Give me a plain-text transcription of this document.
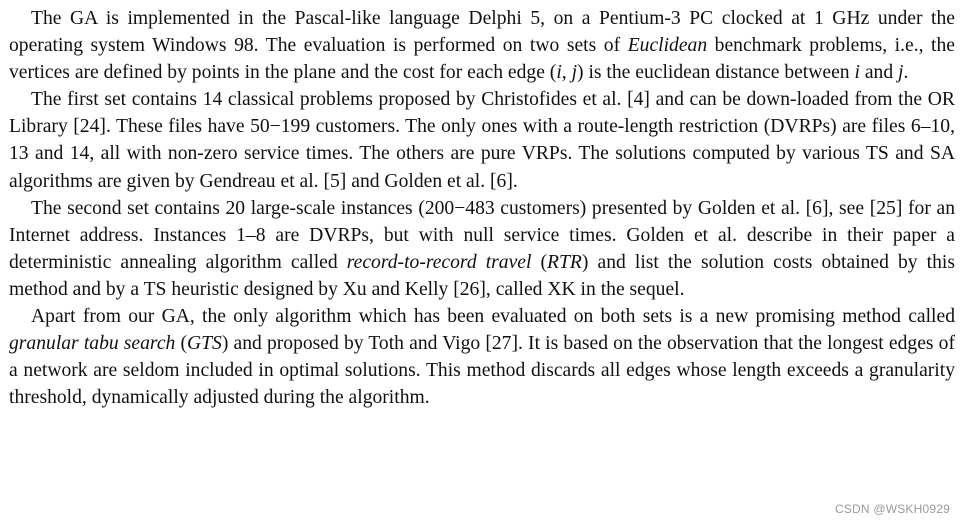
The GA is implemented in the Pascal-like language Delphi 5, on a Pentium-3 PC clocked at 1 GHz under the operating system Windows 98. The evaluation is performed on two sets of Euclidean benchmark problems, i.e., the vertices are defined by points in the plane and the cost for each edge (i, j) is the euclidean distance between i and j.

The first set contains 14 classical problems proposed by Christofides et al. [4] and can be down-loaded from the OR Library [24]. These files have 50−199 customers. The only ones with a route-length restriction (DVRPs) are files 6–10, 13 and 14, all with non-zero service times. The others are pure VRPs. The solutions computed by various TS and SA algorithms are given by Gendreau et al. [5] and Golden et al. [6].

The second set contains 20 large-scale instances (200−483 customers) presented by Golden et al. [6], see [25] for an Internet address. Instances 1–8 are DVRPs, but with null service times. Golden et al. describe in their paper a deterministic annealing algorithm called record-to-record travel (RTR) and list the solution costs obtained by this method and by a TS heuristic designed by Xu and Kelly [26], called XK in the sequel.

Apart from our GA, the only algorithm which has been evaluated on both sets is a new promising method called granular tabu search (GTS) and proposed by Toth and Vigo [27]. It is based on the observation that the longest edges of a network are seldom included in optimal solutions. This method discards all edges whose length exceeds a granularity threshold, dynamically adjusted during the algorithm.

CSDN @WSKH0929
